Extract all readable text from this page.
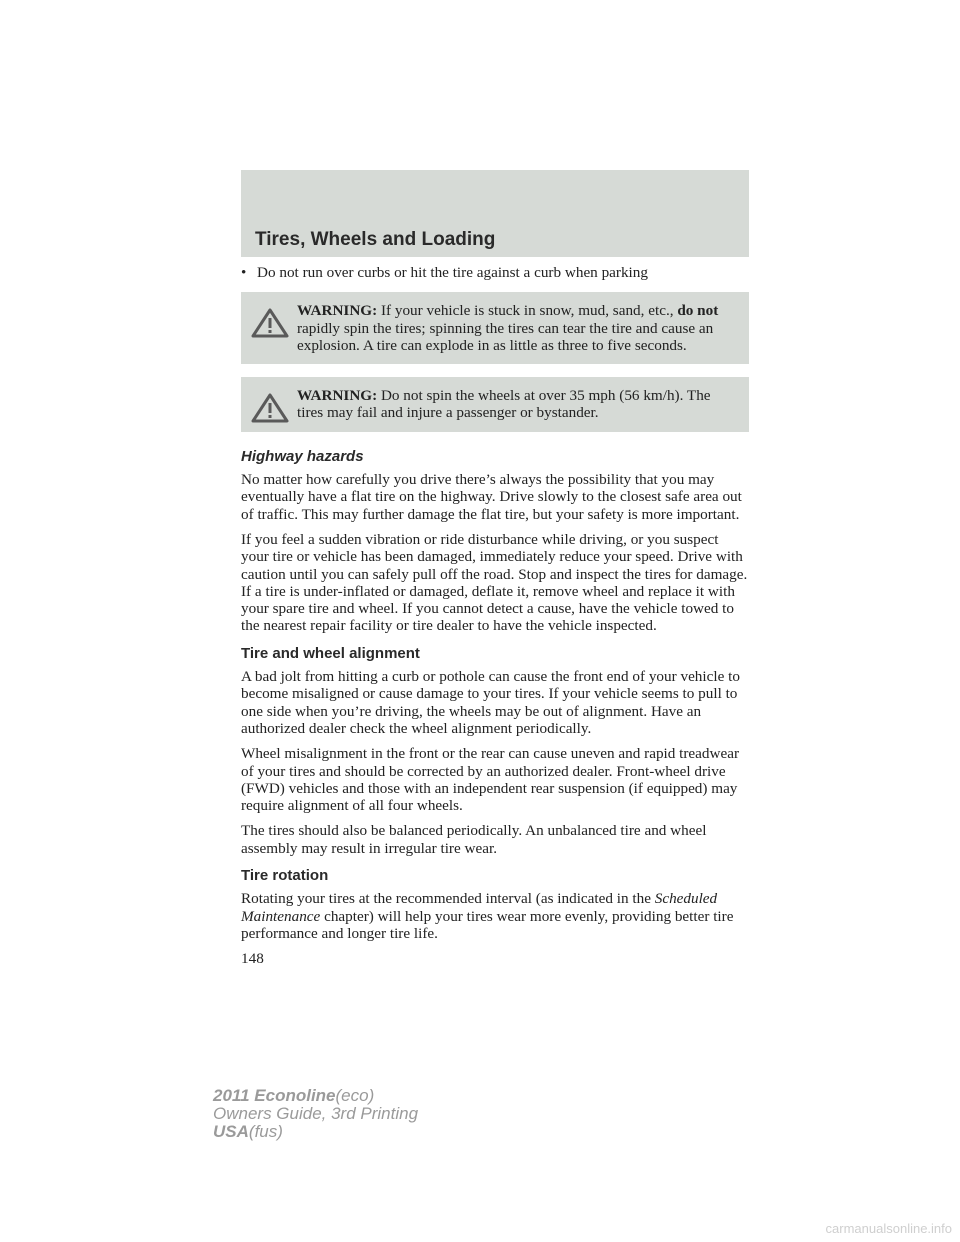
Tires, Wheels and Loading
• Do not run over curbs or hit the tire against a curb when parking

WARNING: If your vehicle is stuck in snow, mud, sand, etc., do not rapidly spin the tires; spinning the tires can tear the tire and cause an explosion. A tire can explode in as little as three to five seconds.

WARNING: Do not spin the wheels at over 35 mph (56 km/h). The tires may fail and injure a passenger or bystander.

Highway hazards

No matter how carefully you drive there’s always the possibility that you may eventually have a flat tire on the highway. Drive slowly to the closest safe area out of traffic. This may further damage the flat tire, but your safety is more important.

If you feel a sudden vibration or ride disturbance while driving, or you suspect your tire or vehicle has been damaged, immediately reduce your speed. Drive with caution until you can safely pull off the road. Stop and inspect the tires for damage. If a tire is under-inflated or damaged, deflate it, remove wheel and replace it with your spare tire and wheel. If you cannot detect a cause, have the vehicle towed to the nearest repair facility or tire dealer to have the vehicle inspected.

Tire and wheel alignment

A bad jolt from hitting a curb or pothole can cause the front end of your vehicle to become misaligned or cause damage to your tires. If your vehicle seems to pull to one side when you’re driving, the wheels may be out of alignment. Have an authorized dealer check the wheel alignment periodically.

Wheel misalignment in the front or the rear can cause uneven and rapid treadwear of your tires and should be corrected by an authorized dealer. Front-wheel drive (FWD) vehicles and those with an independent rear suspension (if equipped) may require alignment of all four wheels.

The tires should also be balanced periodically. An unbalanced tire and wheel assembly may result in irregular tire wear.

Tire rotation

Rotating your tires at the recommended interval (as indicated in the Scheduled Maintenance chapter) will help your tires wear more evenly, providing better tire performance and longer tire life.

148

2011 Econoline(eco)
Owners Guide, 3rd Printing
USA(fus)
carmanualsonline.info
